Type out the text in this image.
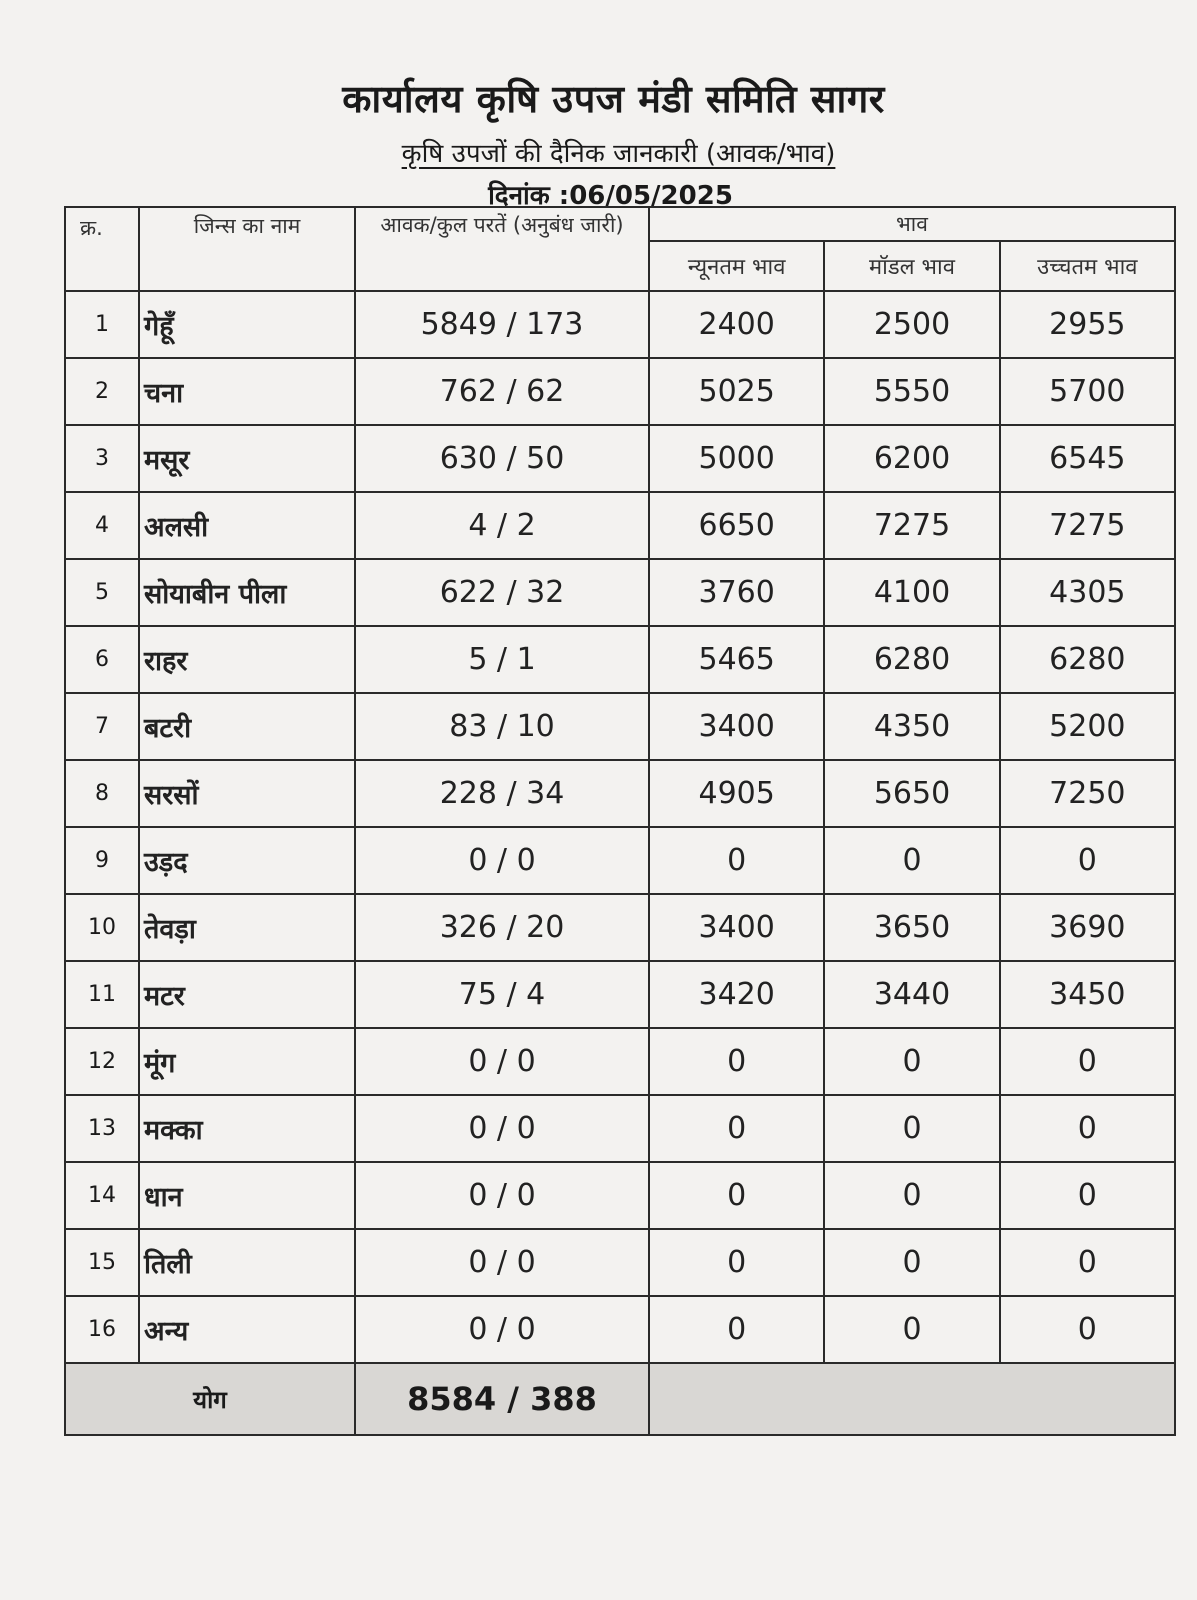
कार्यालय कृषि उपज मंडी समिति सागर
कृषि उपजों की दैनिक जानकारी (आवक/भाव)
दिनांक :06/05/2025
क्र.	जिन्स का नाम	आवक/कुल परतें (अनुबंध जारी)	भाव		
			न्यूनतम भाव	मॉडल भाव	उच्चतम भाव
1	गेहूँ	5849 / 173	2400	2500	2955
2	चना	762 / 62	5025	5550	5700
3	मसूर	630 / 50	5000	6200	6545
4	अलसी	4 / 2	6650	7275	7275
5	सोयाबीन पीला	622 / 32	3760	4100	4305
6	राहर	5 / 1	5465	6280	6280
7	बटरी	83 / 10	3400	4350	5200
8	सरसों	228 / 34	4905	5650	7250
9	उड़द	0 / 0	0	0	0
10	तेवड़ा	326 / 20	3400	3650	3690
11	मटर	75 / 4	3420	3440	3450
12	मूंग	0 / 0	0	0	0
13	मक्का	0 / 0	0	0	0
14	धान	0 / 0	0	0	0
15	तिली	0 / 0	0	0	0
16	अन्य	0 / 0	0	0	0
योग		8584 / 388			
